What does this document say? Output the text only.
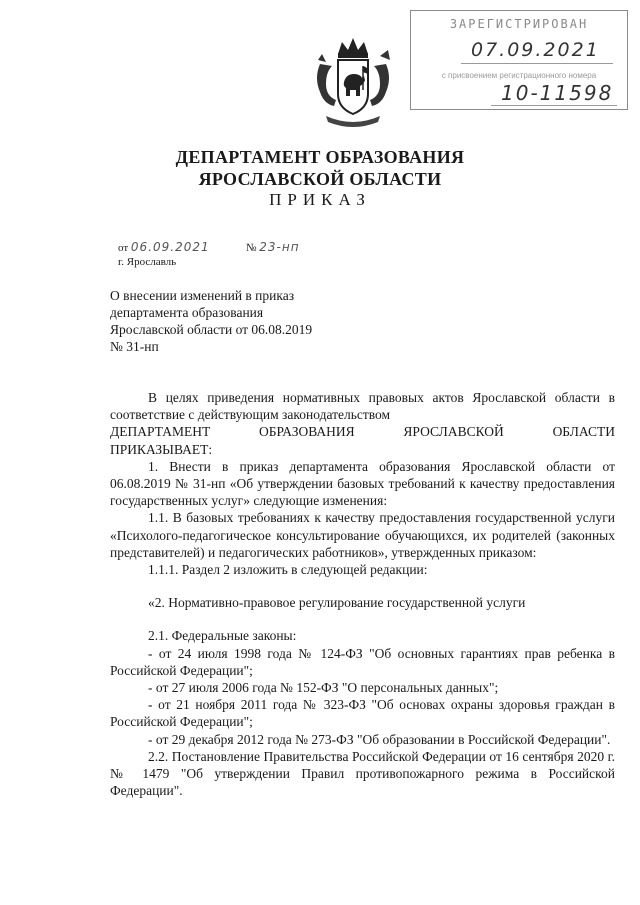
ЗАРЕГИСТРИРОВАН
07.09.2021
с присвоением регистрационного номера
10-11598
ДЕПАРТАМЕНТ ОБРАЗОВАНИЯ
ЯРОСЛАВСКОЙ ОБЛАСТИ
ПРИКАЗ
от 06.09.2021	№ 23-нп
г. Ярославль
О внесении изменений в приказ
департамента образования
Ярославской области от 06.08.2019
№ 31-нп

В целях приведения нормативных правовых актов Ярославской области в соответствие с действующим законодательством

ДЕПАРТАМЕНТ	ОБРАЗОВАНИЯ	ЯРОСЛАВСКОЙ	ОБЛАСТИ

ПРИКАЗЫВАЕТ:

1. Внести в приказ департамента образования Ярославской области от 06.08.2019 № 31-нп «Об утверждении базовых требований к качеству предоставления государственных услуг» следующие изменения:

1.1. В базовых требованиях к качеству предоставления государственной услуги «Психолого-педагогическое консультирование обучающихся, их родителей (законных представителей) и педагогических работников», утвержденных приказом:

1.1.1. Раздел 2 изложить в следующей редакции:

«2. Нормативно-правовое регулирование государственной услуги

2.1. Федеральные законы:

- от 24 июля 1998 года № 124-ФЗ "Об основных гарантиях прав ребенка в Российской Федерации";

- от 27 июля 2006 года № 152-ФЗ "О персональных данных";

- от 21 ноября 2011 года № 323-ФЗ "Об основах охраны здоровья граждан в Российской Федерации";

- от 29 декабря 2012 года № 273-ФЗ "Об образовании в Российской Федерации".

2.2. Постановление Правительства Российской Федерации от 16 сентября 2020 г. № 1479 "Об утверждении Правил противопожарного режима в Российской Федерации".
